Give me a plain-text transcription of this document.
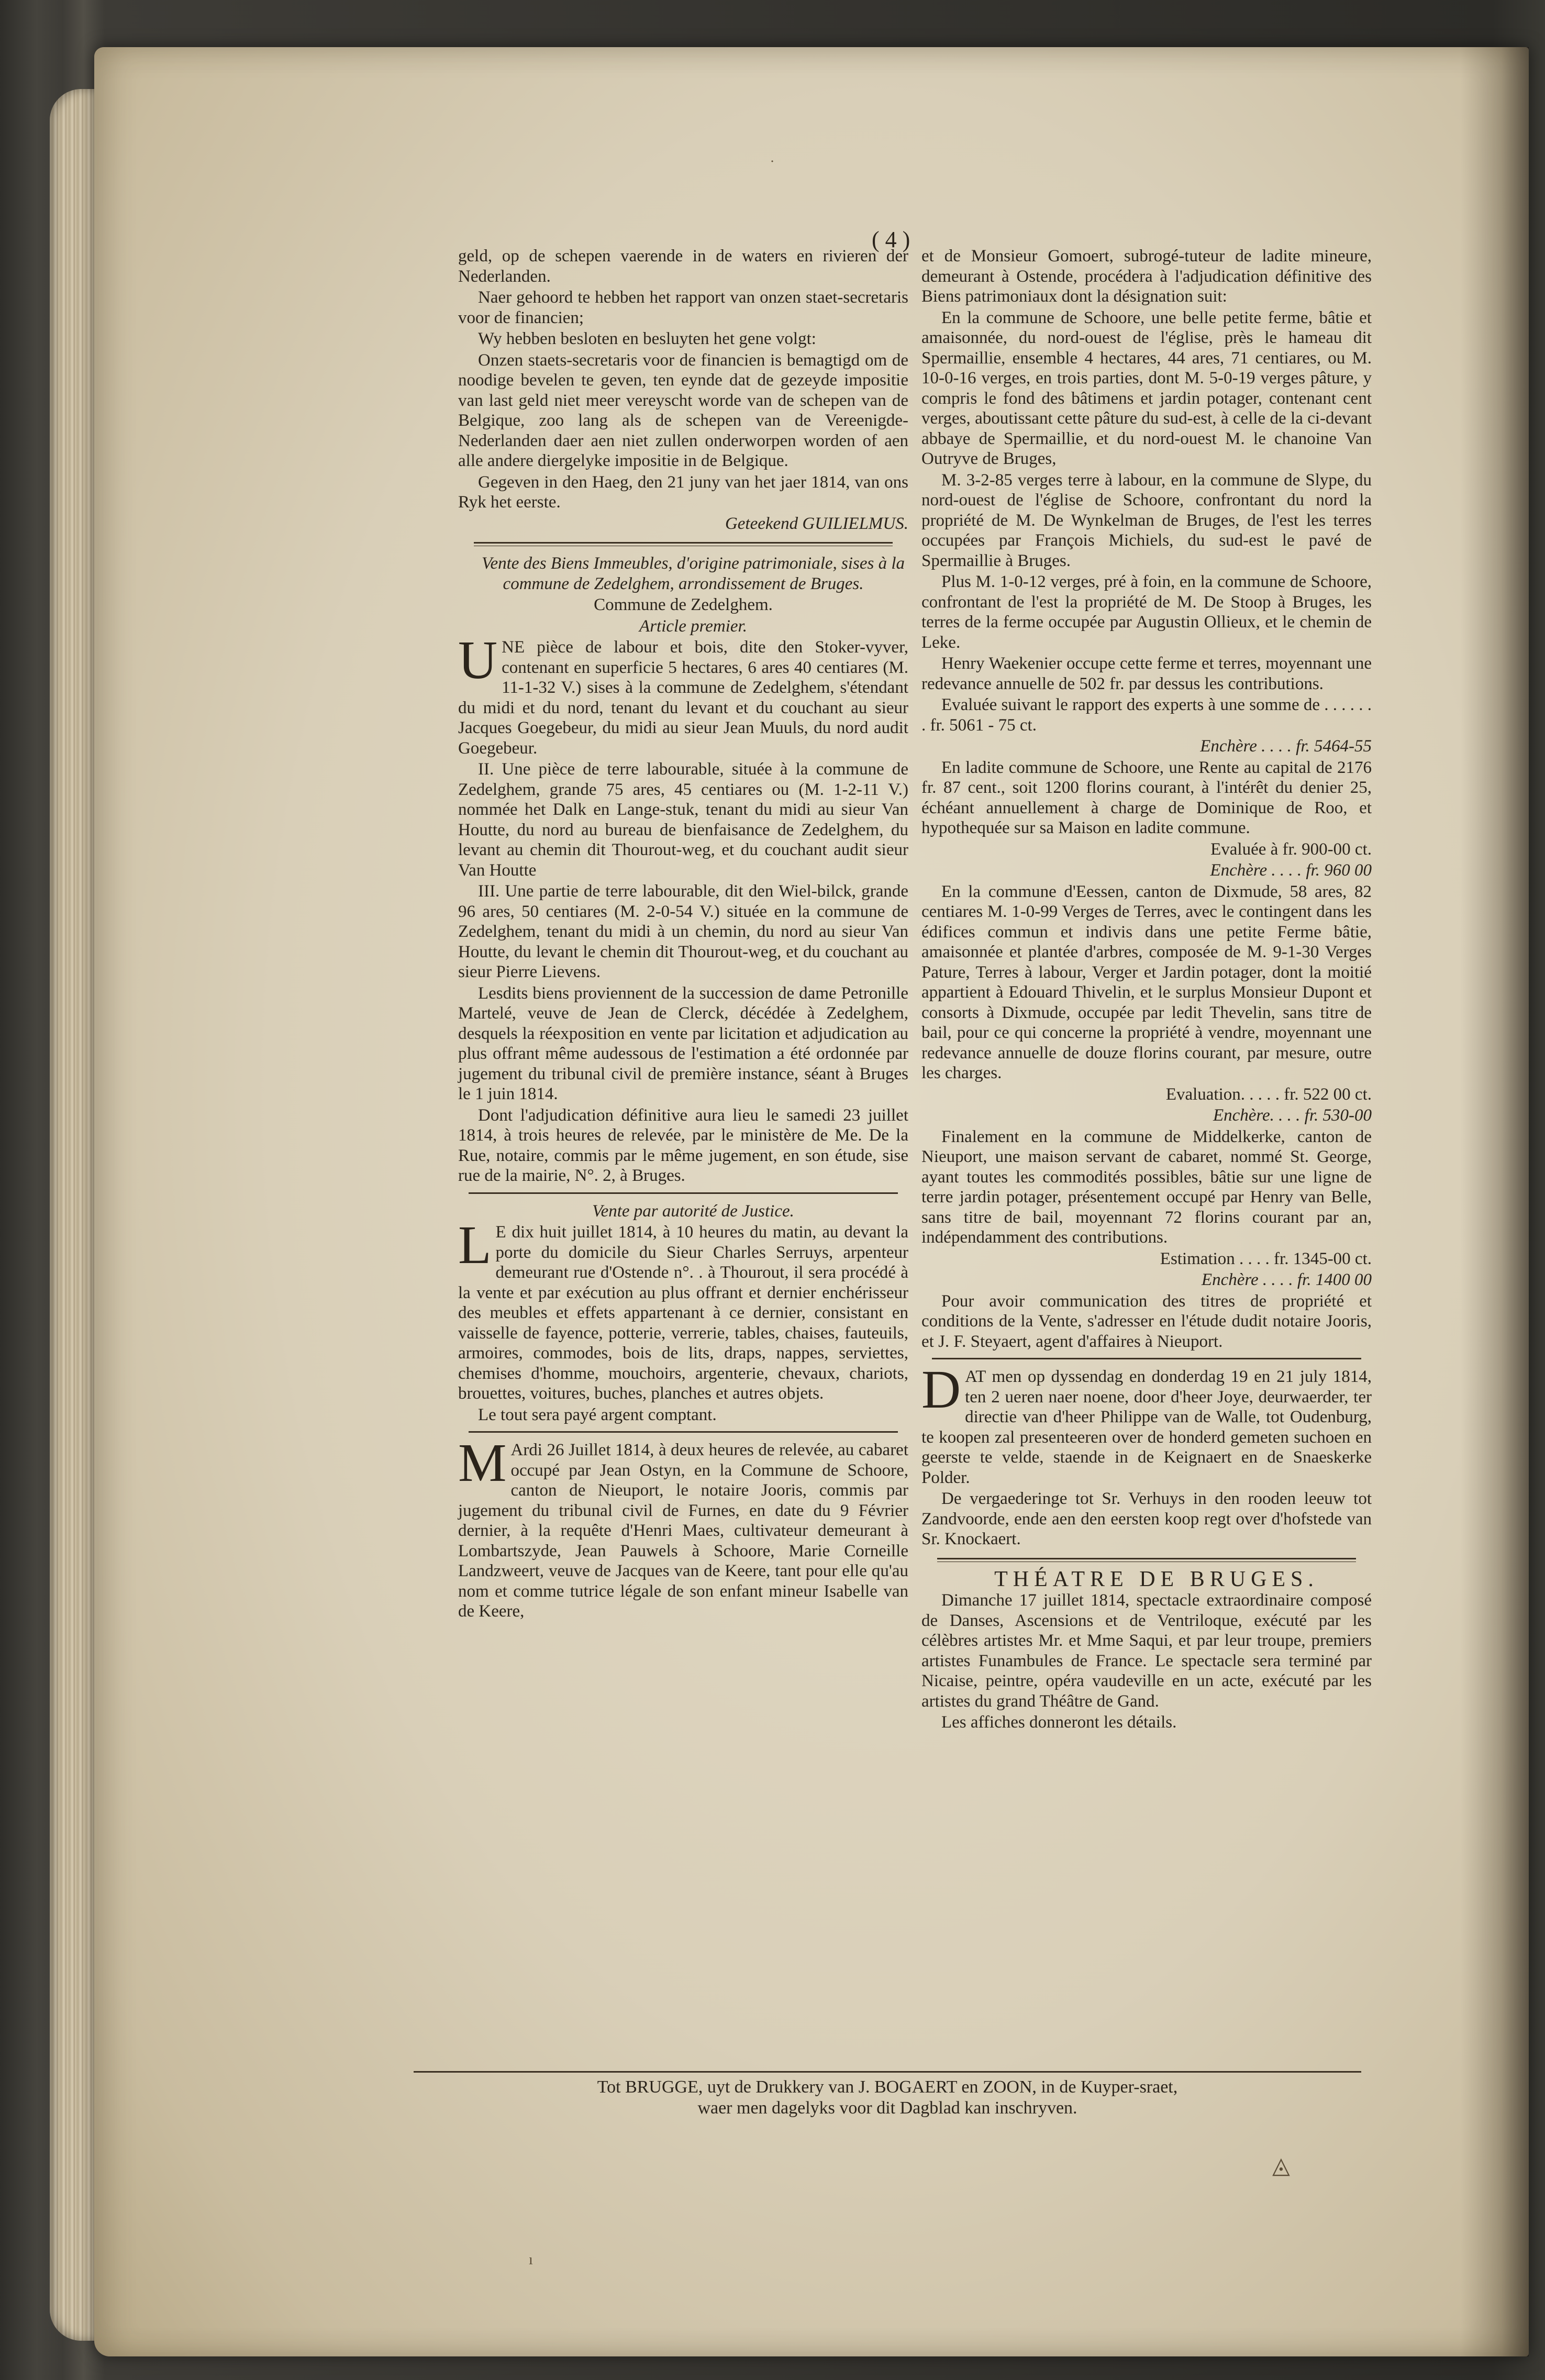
˙
◬
ı
( 4 )

geld, op de schepen vaerende in de waters en rivieren der Nederlanden.

Naer gehoord te hebben het rapport van onzen staet-secretaris voor de financien;

Wy hebben besloten en besluyten het gene volgt:

Onzen staets-secretaris voor de financien is bemagtigd om de noodige bevelen te geven, ten eynde dat de gezeyde impositie van last geld niet meer vereyscht worde van de schepen van de Belgique, zoo lang als de schepen van de Vereenigde-Nederlanden daer aen niet zullen onderworpen worden of aen alle andere diergelyke impositie in de Belgique.

Gegeven in den Haeg, den 21 juny van het jaer 1814, van ons Ryk het eerste.

Geteekend GUILIELMUS.

Vente des Biens Immeubles, d'origine patrimoniale, sises à la commune de Zedelghem, arrondissement de Bruges.

Commune de Zedelghem.

Article premier.

UNE pièce de labour et bois, dite den Stoker-vyver, contenant en superficie 5 hectares, 6 ares 40 centiares (M. 11-1-32 V.) sises à la commune de Zedelghem, s'étendant du midi et du nord, tenant du levant et du couchant au sieur Jacques Goegebeur, du midi au sieur Jean Muuls, du nord audit Goegebeur.

II. Une pièce de terre labourable, située à la commune de Zedelghem, grande 75 ares, 45 centiares ou (M. 1-2-11 V.) nommée het Dalk en Lange-stuk, tenant du midi au sieur Van Houtte, du nord au bureau de bienfaisance de Zedelghem, du levant au chemin dit Thourout-weg, et du couchant audit sieur Van Houtte

III. Une partie de terre labourable, dit den Wiel-bilck, grande 96 ares, 50 centiares (M. 2-0-54 V.) située en la commune de Zedelghem, tenant du midi à un chemin, du nord au sieur Van Houtte, du levant le chemin dit Thourout-weg, et du couchant au sieur Pierre Lievens.

Lesdits biens proviennent de la succession de dame Petronille Martelé, veuve de Jean de Clerck, décédée à Zedelghem, desquels la réexposition en vente par licitation et adjudication au plus offrant même audessous de l'estimation a été ordonnée par jugement du tribunal civil de première instance, séant à Bruges le 1 juin 1814.

Dont l'adjudication définitive aura lieu le samedi 23 juillet 1814, à trois heures de relevée, par le ministère de Me. De la Rue, notaire, commis par le même jugement, en son étude, sise rue de la mairie, N°. 2, à Bruges.

Vente par autorité de Justice.

L E dix huit juillet 1814, à 10 heures du matin, au devant la porte du domicile du Sieur Charles Serruys, arpenteur demeurant rue d'Ostende n°. . à Thourout, il sera procédé à la vente et par exécution au plus offrant et dernier enchérisseur des meubles et effets appartenant à ce dernier, consistant en vaisselle de fayence, potterie, verrerie, tables, chaises, fauteuils, armoires, commodes, bois de lits, draps, nappes, serviettes, chemises d'homme, mouchoirs, argenterie, chevaux, chariots, brouettes, voitures, buches, planches et autres objets.

Le tout sera payé argent comptant.

M Ardi 26 Juillet 1814, à deux heures de relevée, au cabaret occupé par Jean Ostyn, en la Commune de Schoore, canton de Nieuport, le notaire Jooris, commis par jugement du tribunal civil de Furnes, en date du 9 Février dernier, à la requête d'Henri Maes, cultivateur demeurant à Lombartszyde, Jean Pauwels à Schoore, Marie Corneille Landzweert, veuve de Jacques van de Keere, tant pour elle qu'au nom et comme tutrice légale de son enfant mineur Isabelle van de Keere,

et de Monsieur Gomoert, subrogé-tuteur de ladite mineure, demeurant à Ostende, procédera à l'adjudication définitive des Biens patrimoniaux dont la désignation suit:

En la commune de Schoore, une belle petite ferme, bâtie et amaisonnée, du nord-ouest de l'église, près le hameau dit Spermaillie, ensemble 4 hectares, 44 ares, 71 centiares, ou M. 10-0-16 verges, en trois parties, dont M. 5-0-19 verges pâture, y compris le fond des bâtimens et jardin potager, contenant cent verges, aboutissant cette pâture du sud-est, à celle de la ci-devant abbaye de Spermaillie, et du nord-ouest M. le chanoine Van Outryve de Bruges,

M. 3-2-85 verges terre à labour, en la commune de Slype, du nord-ouest de l'église de Schoore, confrontant du nord la propriété de M. De Wynkelman de Bruges, de l'est les terres occupées par François Michiels, du sud-est le pavé de Spermaillie à Bruges.

Plus M. 1-0-12 verges, pré à foin, en la commune de Schoore, confrontant de l'est la propriété de M. De Stoop à Bruges, les terres de la ferme occupée par Augustin Ollieux, et le chemin de Leke.

Henry Waekenier occupe cette ferme et terres, moyennant une redevance annuelle de 502 fr. par dessus les contributions.

Evaluée suivant le rapport des experts à une somme de . . . . . . . fr. 5061 - 75 ct.

Enchère . . . . fr. 5464-55

En ladite commune de Schoore, une Rente au capital de 2176 fr. 87 cent., soit 1200 florins courant, à l'intérêt du denier 25, échéant annuellement à charge de Dominique de Roo, et hypothequée sur sa Maison en ladite commune.

Evaluée à fr. 900-00 ct.

Enchère . . . . fr. 960 00

En la commune d'Eessen, canton de Dixmude, 58 ares, 82 centiares M. 1-0-99 Verges de Terres, avec le contingent dans les édifices commun et indivis dans une petite Ferme bâtie, amaisonnée et plantée d'arbres, composée de M. 9-1-30 Verges Pature, Terres à labour, Verger et Jardin potager, dont la moitié appartient à Edouard Thivelin, et le surplus Monsieur Dupont et consorts à Dixmude, occupée par ledit Thevelin, sans titre de bail, pour ce qui concerne la propriété à vendre, moyennant une redevance annuelle de douze florins courant, par mesure, outre les charges.

Evaluation. . . . . fr. 522 00 ct.

Enchère. . . . fr. 530-00

Finalement en la commune de Middelkerke, canton de Nieuport, une maison servant de cabaret, nommé St. George, ayant toutes les commodités possibles, bâtie sur une ligne de terre jardin potager, présentement occupé par Henry van Belle, sans titre de bail, moyennant 72 florins courant par an, indépendamment des contributions.

Estimation . . . . fr. 1345-00 ct.

Enchère . . . . fr. 1400 00

Pour avoir communication des titres de propriété et conditions de la Vente, s'adresser en l'étude dudit notaire Jooris, et J. F. Steyaert, agent d'affaires à Nieuport.

DAT men op dyssendag en donderdag 19 en 21 july 1814, ten 2 ueren naer noene, door d'heer Joye, deurwaerder, ter directie van d'heer Philippe van de Walle, tot Oudenburg, te koopen zal presenteeren over de honderd gemeten suchoen en geerste te velde, staende in de Keignaert en de Snaeskerke Polder.

De vergaederinge tot Sr. Verhuys in den rooden leeuw tot Zandvoorde, ende aen den eersten koop regt over d'hofstede van Sr. Knockaert.

THÉATRE DE BRUGES.

Dimanche 17 juillet 1814, spectacle extraordinaire composé de Danses, Ascensions et de Ventriloque, exécuté par les célèbres artistes Mr. et Mme Saqui, et par leur troupe, premiers artistes Funambules de France. Le spectacle sera terminé par Nicaise, peintre, opéra vaudeville en un acte, exécuté par les artistes du grand Théâtre de Gand.

Les affiches donneront les détails.

Tot BRUGGE, uyt de Drukkery van J. BOGAERT en ZOON, in de Kuyper-sraet,
waer men dagelyks voor dit Dagblad kan inschryven.
